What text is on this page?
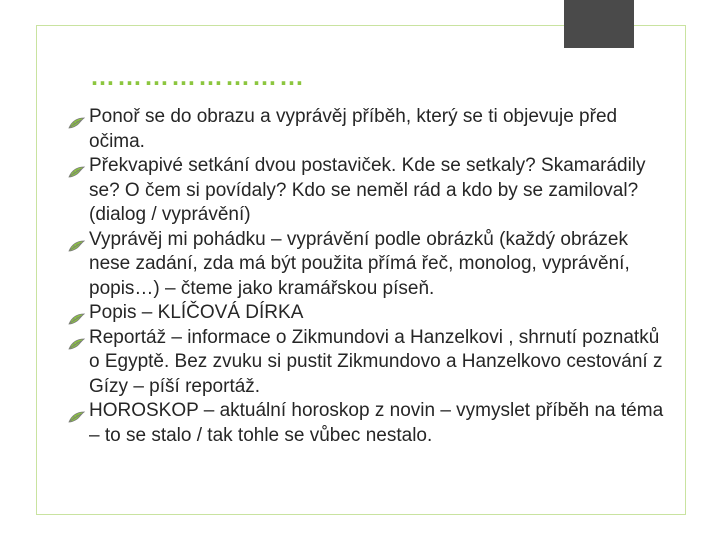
……………………
Ponoř se do obrazu a vyprávěj příběh, který se ti objevuje před očima.
Překvapivé setkání dvou postaviček. Kde se setkaly? Skamarádily se? O čem si povídaly? Kdo se neměl rád a kdo by se zamiloval? (dialog / vyprávění)
Vyprávěj mi pohádku – vyprávění podle obrázků (každý obrázek nese zadání, zda má být použita přímá řeč, monolog, vyprávění, popis…) – čteme jako kramářskou píseň.
Popis – KLÍČOVÁ DÍRKA
Reportáž – informace o Zikmundovi a Hanzelkovi , shrnutí poznatků o Egyptě. Bez zvuku si pustit Zikmundovo a Hanzelkovo cestování z Gízy – píší reportáž.
HOROSKOP – aktuální horoskop z novin – vymyslet příběh na téma – to se stalo / tak tohle se vůbec nestalo.
